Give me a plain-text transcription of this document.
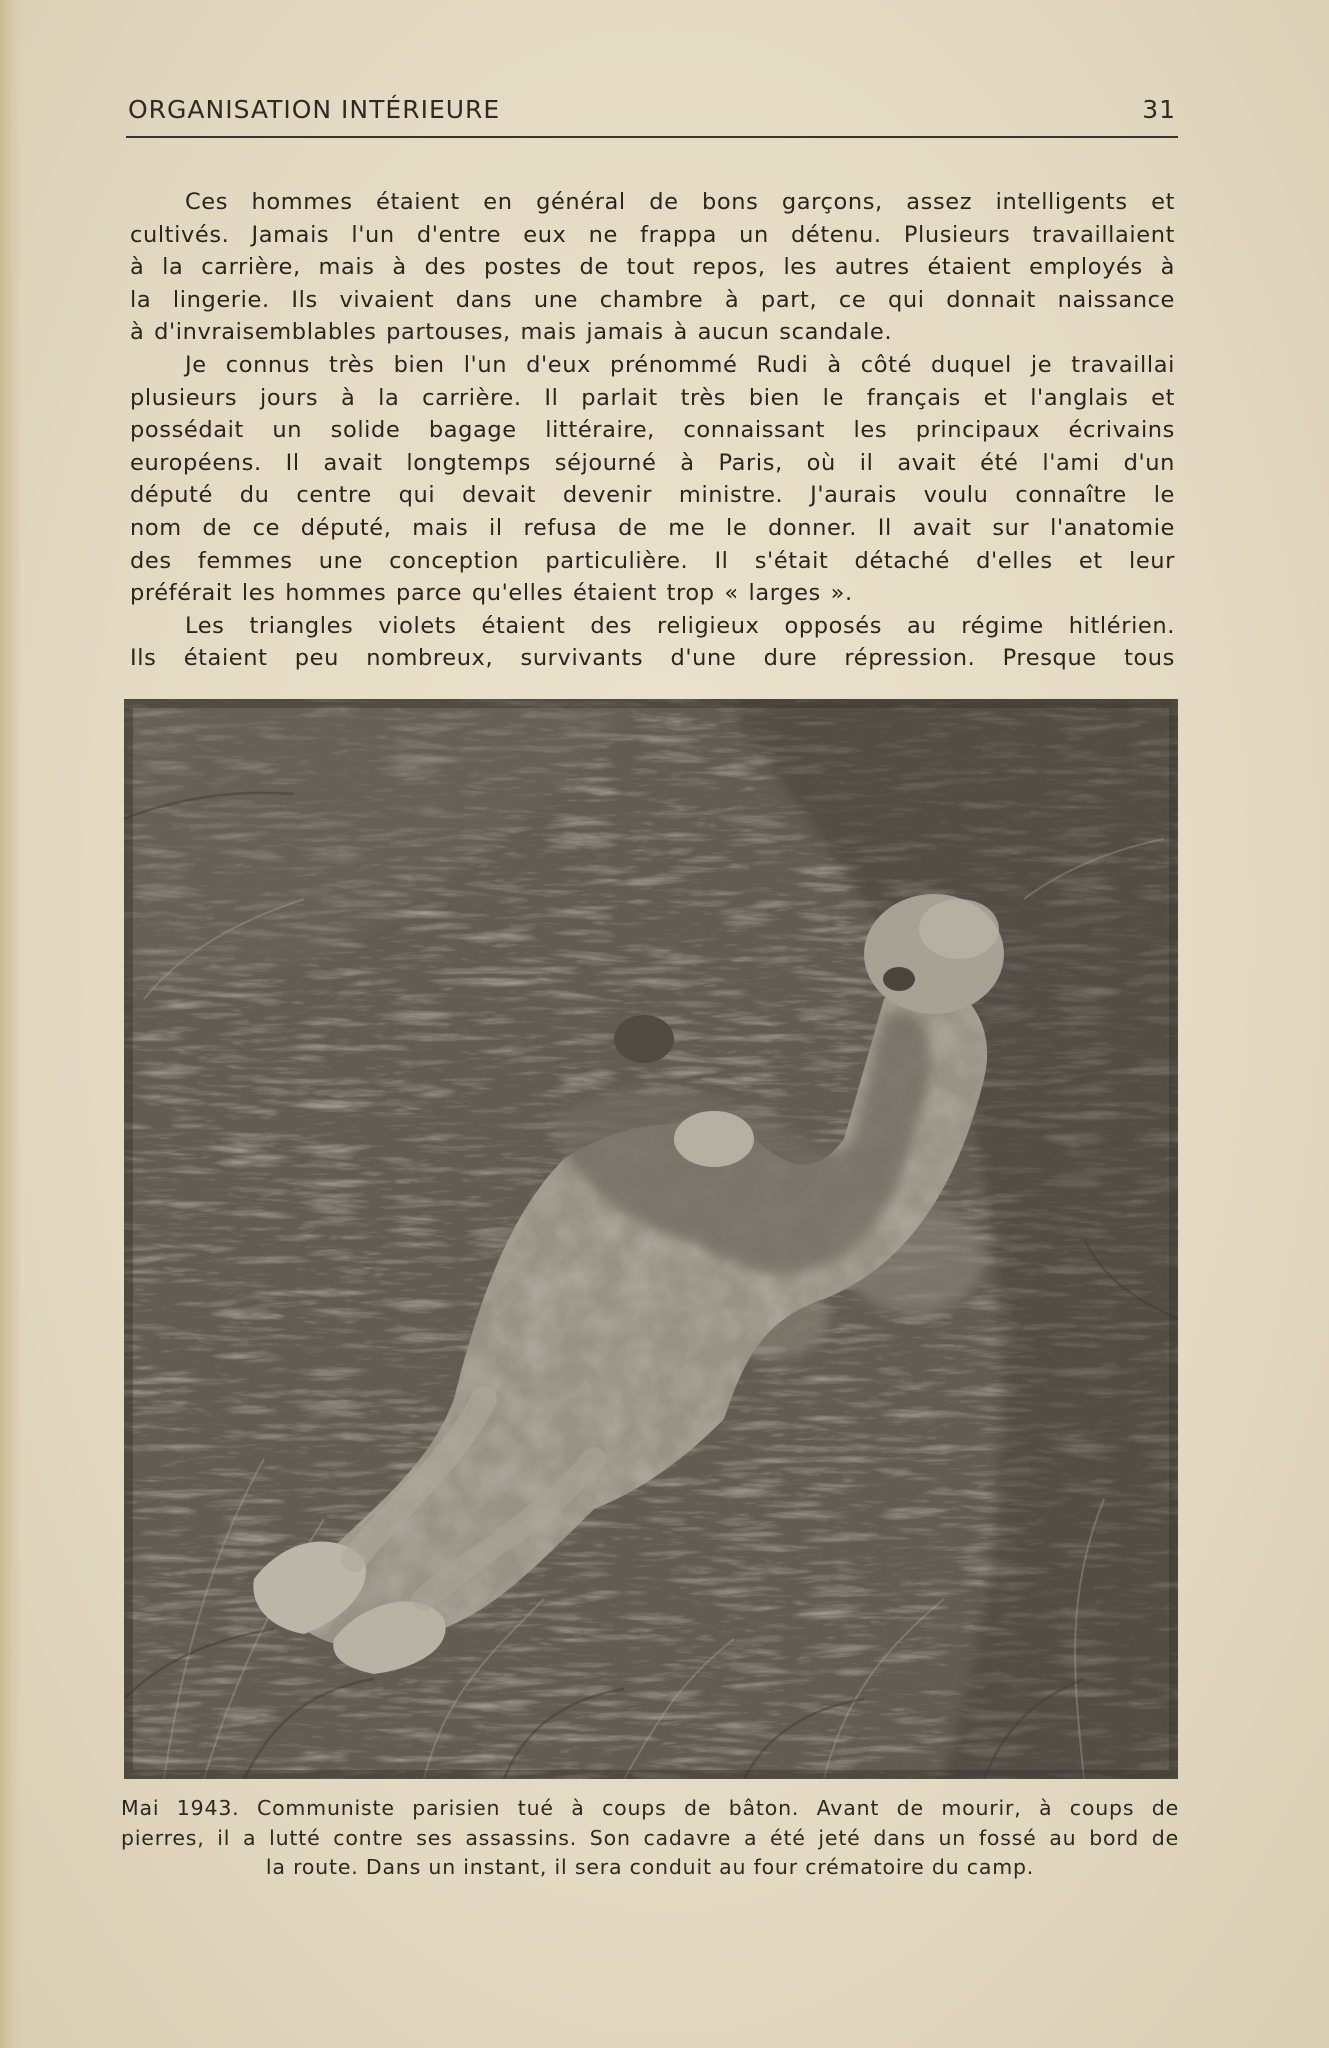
ORGANISATION INTÉRIEURE	31
Ces hommes étaient en général de bons garçons, assez intelligents et
cultivés. Jamais l'un d'entre eux ne frappa un détenu. Plusieurs travaillaient
à la carrière, mais à des postes de tout repos, les autres étaient employés à
la lingerie. Ils vivaient dans une chambre à part, ce qui donnait naissance
à d'invraisemblables partouses, mais jamais à aucun scandale.
Je connus très bien l'un d'eux prénommé Rudi à côté duquel je travaillai
plusieurs jours à la carrière. Il parlait très bien le français et l'anglais et
possédait un solide bagage littéraire, connaissant les principaux écrivains
européens. Il avait longtemps séjourné à Paris, où il avait été l'ami d'un
député du centre qui devait devenir ministre. J'aurais voulu connaître le
nom de ce député, mais il refusa de me le donner. Il avait sur l'anatomie
des femmes une conception particulière. Il s'était détaché d'elles et leur
préférait les hommes parce qu'elles étaient trop « larges ».
Les triangles violets étaient des religieux opposés au régime hitlérien.
Ils étaient peu nombreux, survivants d'une dure répression. Presque tous
Mai 1943. Communiste parisien tué à coups de bâton. Avant de mourir, à coups de
pierres, il a lutté contre ses assassins. Son cadavre a été jeté dans un fossé au bord de
la route. Dans un instant, il sera conduit au four crématoire du camp.
